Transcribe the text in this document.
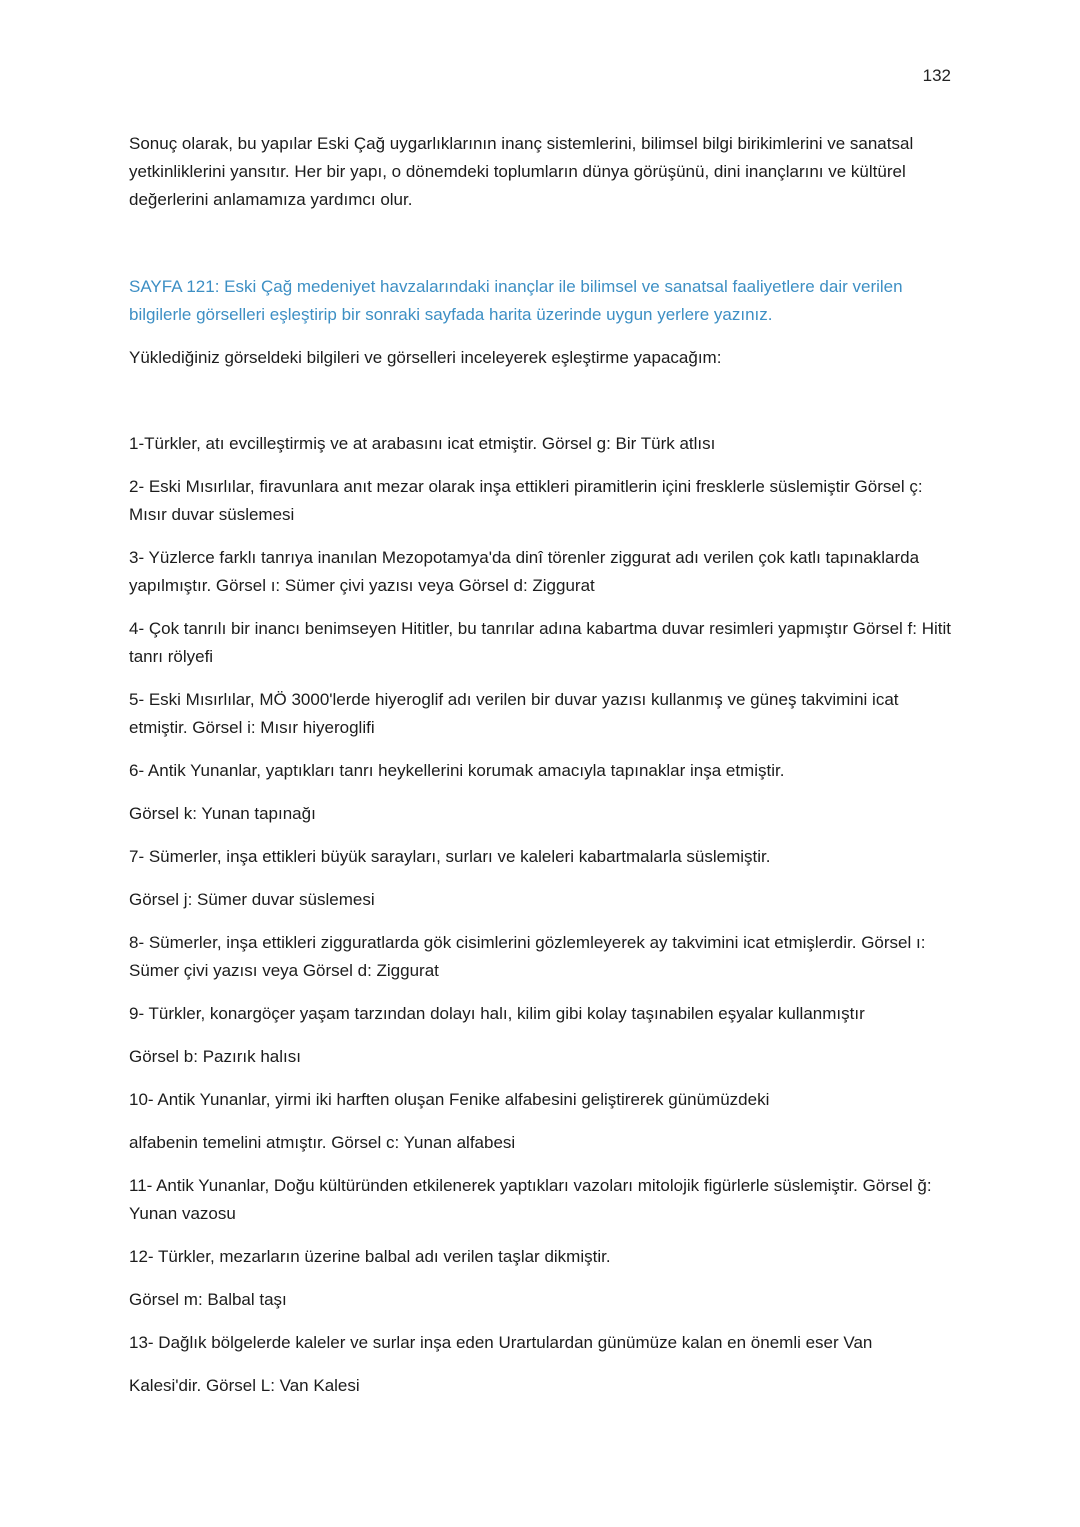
132

Sonuç olarak, bu yapılar Eski Çağ uygarlıklarının inanç sistemlerini, bilimsel bilgi birikimlerini ve sanatsal yetkinliklerini yansıtır. Her bir yapı, o dönemdeki toplumların dünya görüşünü, dini inançlarını ve kültürel değerlerini anlamamıza yardımcı olur.

SAYFA 121: Eski Çağ medeniyet havzalarındaki inançlar ile bilimsel ve sanatsal faaliyetlere dair verilen bilgilerle görselleri eşleştirip bir sonraki sayfada harita üzerinde uygun yerlere yazınız.

Yüklediğiniz görseldeki bilgileri ve görselleri inceleyerek eşleştirme yapacağım:

1-Türkler, atı evcilleştirmiş ve at arabasını icat etmiştir. Görsel g: Bir Türk atlısı

2- Eski Mısırlılar, firavunlara anıt mezar olarak inşa ettikleri piramitlerin içini fresklerle süslemiştir Görsel ç: Mısır duvar süslemesi

3- Yüzlerce farklı tanrıya inanılan Mezopotamya'da dinî törenler ziggurat adı verilen çok katlı tapınaklarda yapılmıştır. Görsel ı: Sümer çivi yazısı veya Görsel d: Ziggurat

4- Çok tanrılı bir inancı benimseyen Hititler, bu tanrılar adına kabartma duvar resimleri yapmıştır Görsel f: Hitit tanrı rölyefi

5- Eski Mısırlılar, MÖ 3000'lerde hiyeroglif adı verilen bir duvar yazısı kullanmış ve güneş takvimini icat etmiştir. Görsel i: Mısır hiyeroglifi

6- Antik Yunanlar, yaptıkları tanrı heykellerini korumak amacıyla tapınaklar inşa etmiştir.

Görsel k: Yunan tapınağı

7- Sümerler, inşa ettikleri büyük sarayları, surları ve kaleleri kabartmalarla süslemiştir.

Görsel j: Sümer duvar süslemesi

8- Sümerler, inşa ettikleri zigguratlarda gök cisimlerini gözlemleyerek ay takvimini icat etmişlerdir. Görsel ı: Sümer çivi yazısı veya Görsel d: Ziggurat

9- Türkler, konargöçer yaşam tarzından dolayı halı, kilim gibi kolay taşınabilen eşyalar kullanmıştır

Görsel b: Pazırık halısı

10- Antik Yunanlar, yirmi iki harften oluşan Fenike alfabesini geliştirerek günümüzdeki

alfabenin temelini atmıştır. Görsel c: Yunan alfabesi

11- Antik Yunanlar, Doğu kültüründen etkilenerek yaptıkları vazoları mitolojik figürlerle süslemiştir. Görsel ğ: Yunan vazosu

12- Türkler, mezarların üzerine balbal adı verilen taşlar dikmiştir.

Görsel m: Balbal taşı

13- Dağlık bölgelerde kaleler ve surlar inşa eden Urartulardan günümüze kalan en önemli eser Van

Kalesi'dir. Görsel L: Van Kalesi
